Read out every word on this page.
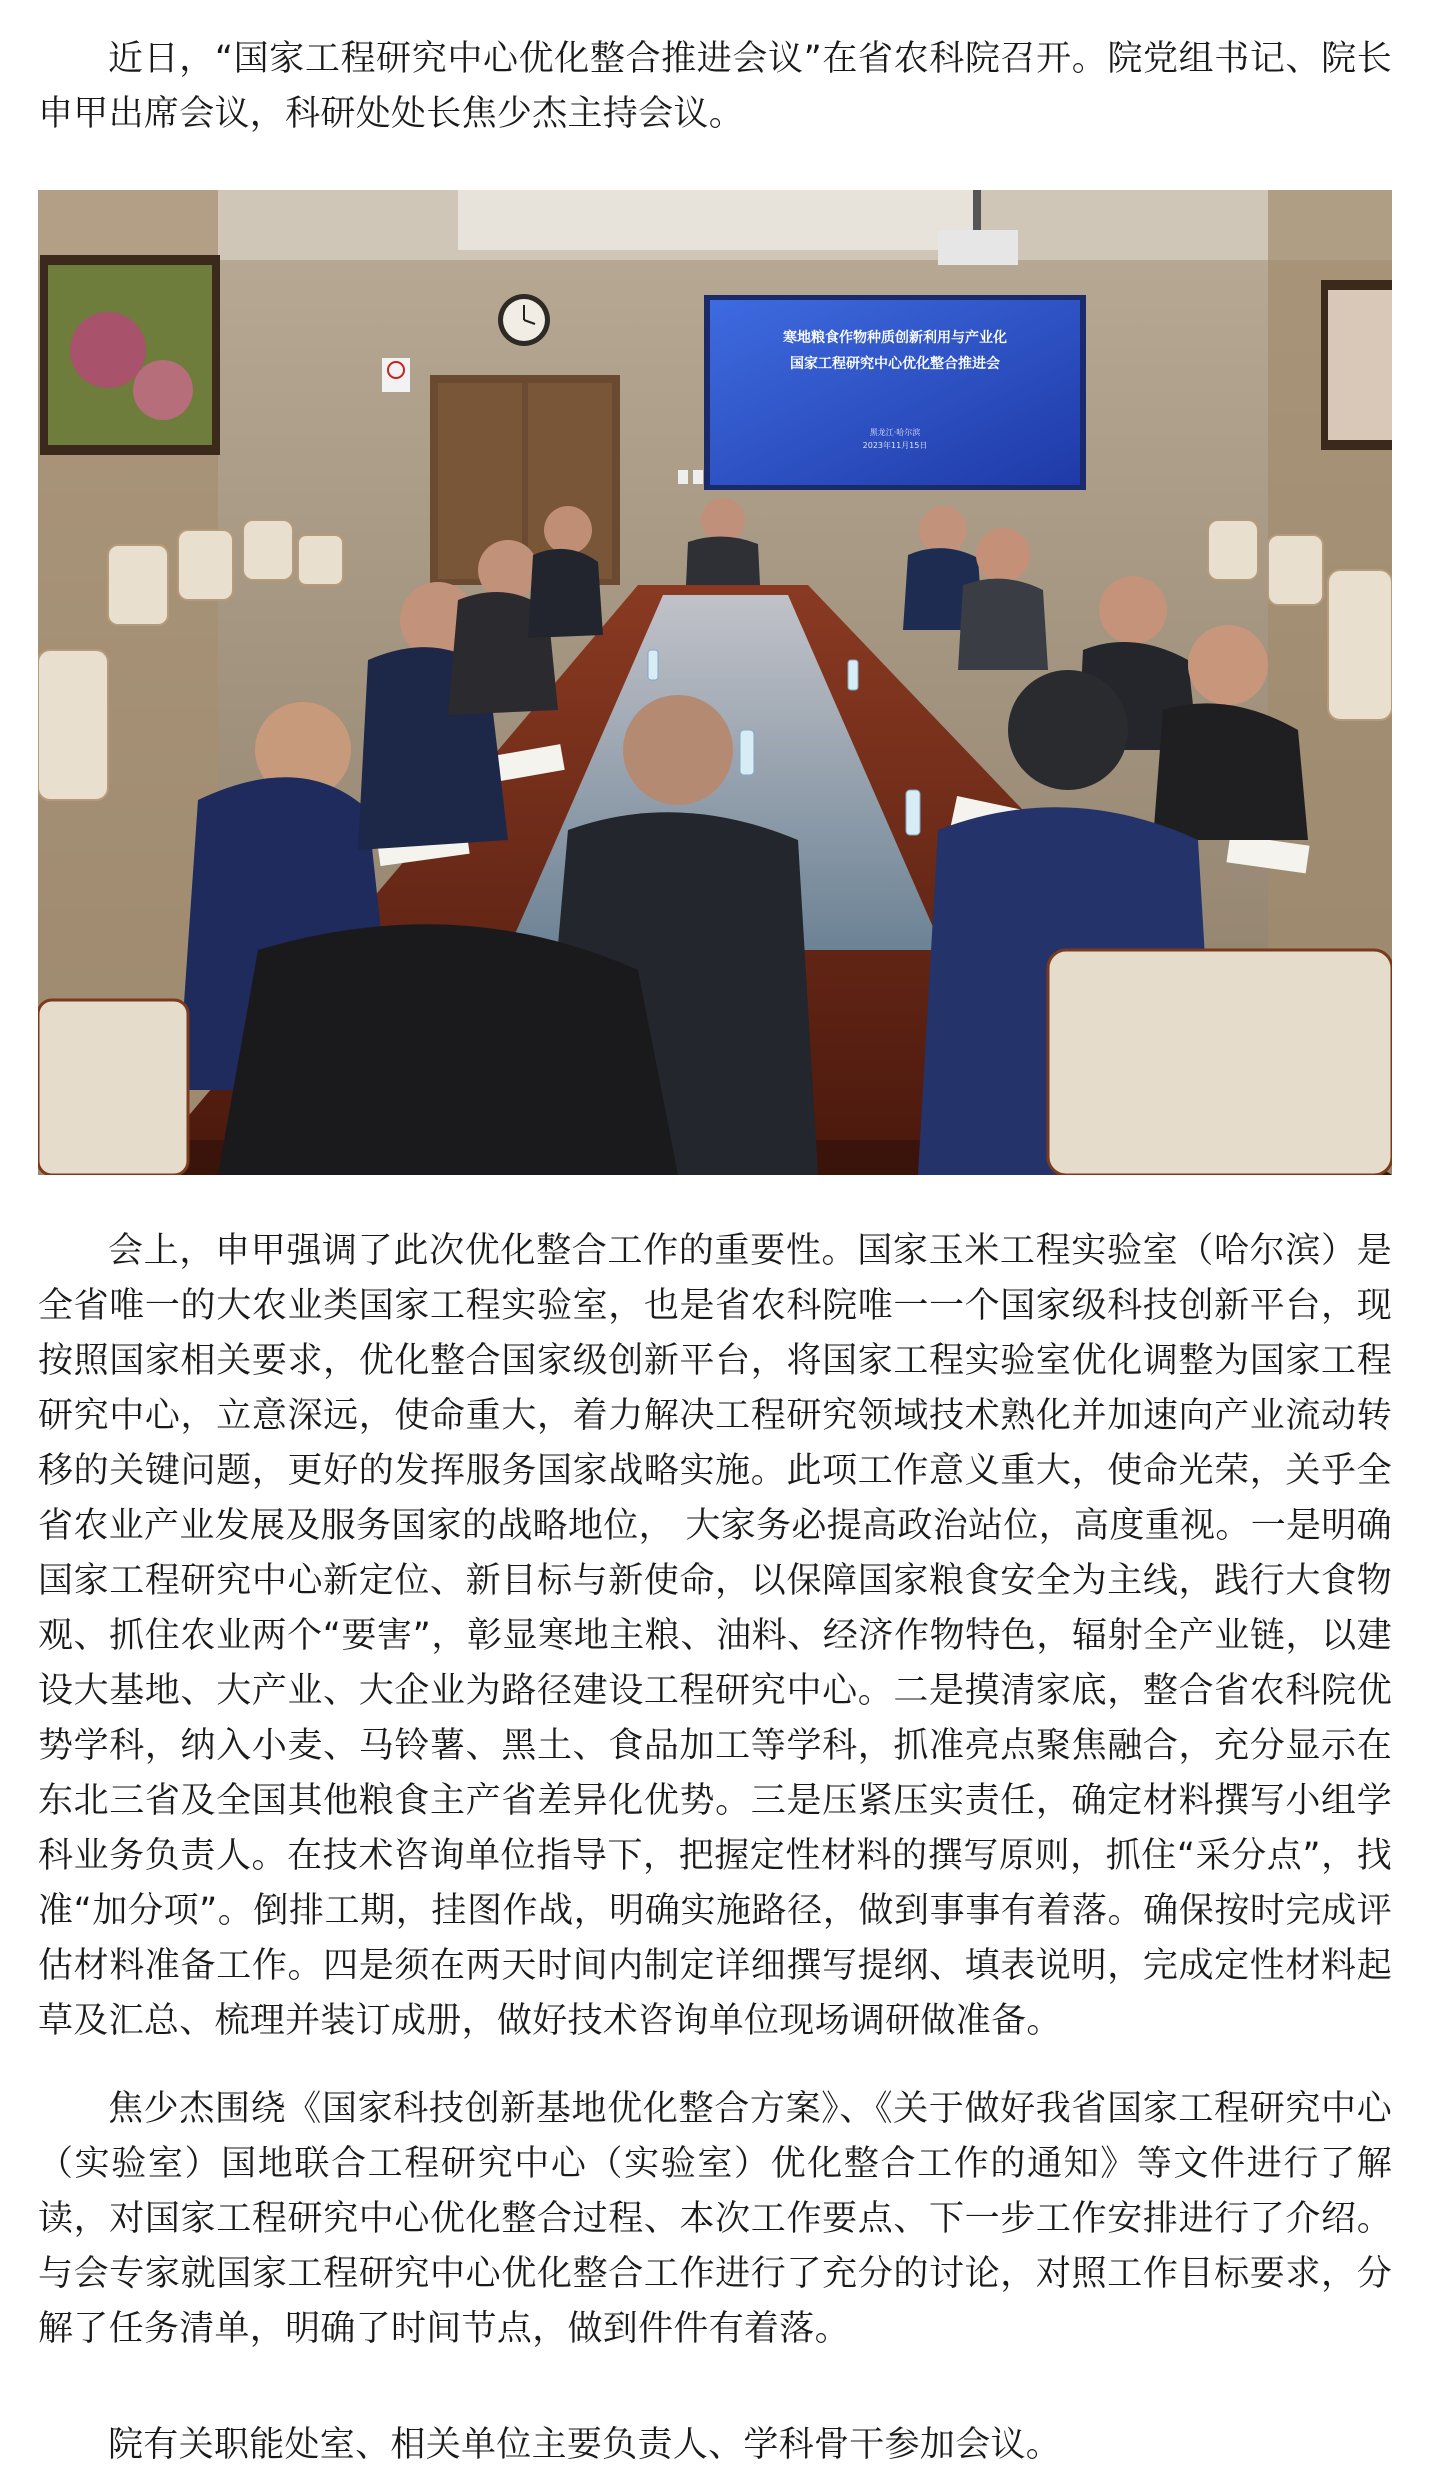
近日，“国家工程研究中心优化整合推进会议”在省农科院召开。院党组书记、院长申甲出席会议，科研处处长焦少杰主持会议。

寒地粮食作物种质创新利用与产业化
国家工程研究中心优化整合推进会
黑龙江·哈尔滨
2023年11月15日

会上，申甲强调了此次优化整合工作的重要性。国家玉米工程实验室（哈尔滨）是全省唯一的大农业类国家工程实验室，也是省农科院唯一一个国家级科技创新平台，现按照国家相关要求，优化整合国家级创新平台，将国家工程实验室优化调整为国家工程研究中心，立意深远，使命重大，着力解决工程研究领域技术熟化并加速向产业流动转移的关键问题，更好的发挥服务国家战略实施。此项工作意义重大，使命光荣，关乎全省农业产业发展及服务国家的战略地位， 大家务必提高政治站位，高度重视。一是明确国家工程研究中心新定位、新目标与新使命，以保障国家粮食安全为主线，践行大食物观、抓住农业两个“要害”，彰显寒地主粮、油料、经济作物特色，辐射全产业链，以建设大基地、大产业、大企业为路径建设工程研究中心。二是摸清家底，整合省农科院优势学科，纳入小麦、马铃薯、黑土、食品加工等学科，抓准亮点聚焦融合，充分显示在东北三省及全国其他粮食主产省差异化优势。三是压紧压实责任，确定材料撰写小组学科业务负责人。在技术咨询单位指导下，把握定性材料的撰写原则，抓住“采分点”，找准“加分项”。倒排工期，挂图作战，明确实施路径，做到事事有着落。确保按时完成评估材料准备工作。四是须在两天时间内制定详细撰写提纲、填表说明，完成定性材料起草及汇总、梳理并装订成册，做好技术咨询单位现场调研做准备。

焦少杰围绕《国家科技创新基地优化整合方案》、《关于做好我省国家工程研究中心（实验室）国地联合工程研究中心（实验室）优化整合工作的通知》等文件进行了解读，对国家工程研究中心优化整合过程、本次工作要点、下一步工作安排进行了介绍。与会专家就国家工程研究中心优化整合工作进行了充分的讨论，对照工作目标要求，分解了任务清单，明确了时间节点，做到件件有着落。

院有关职能处室、相关单位主要负责人、学科骨干参加会议。
